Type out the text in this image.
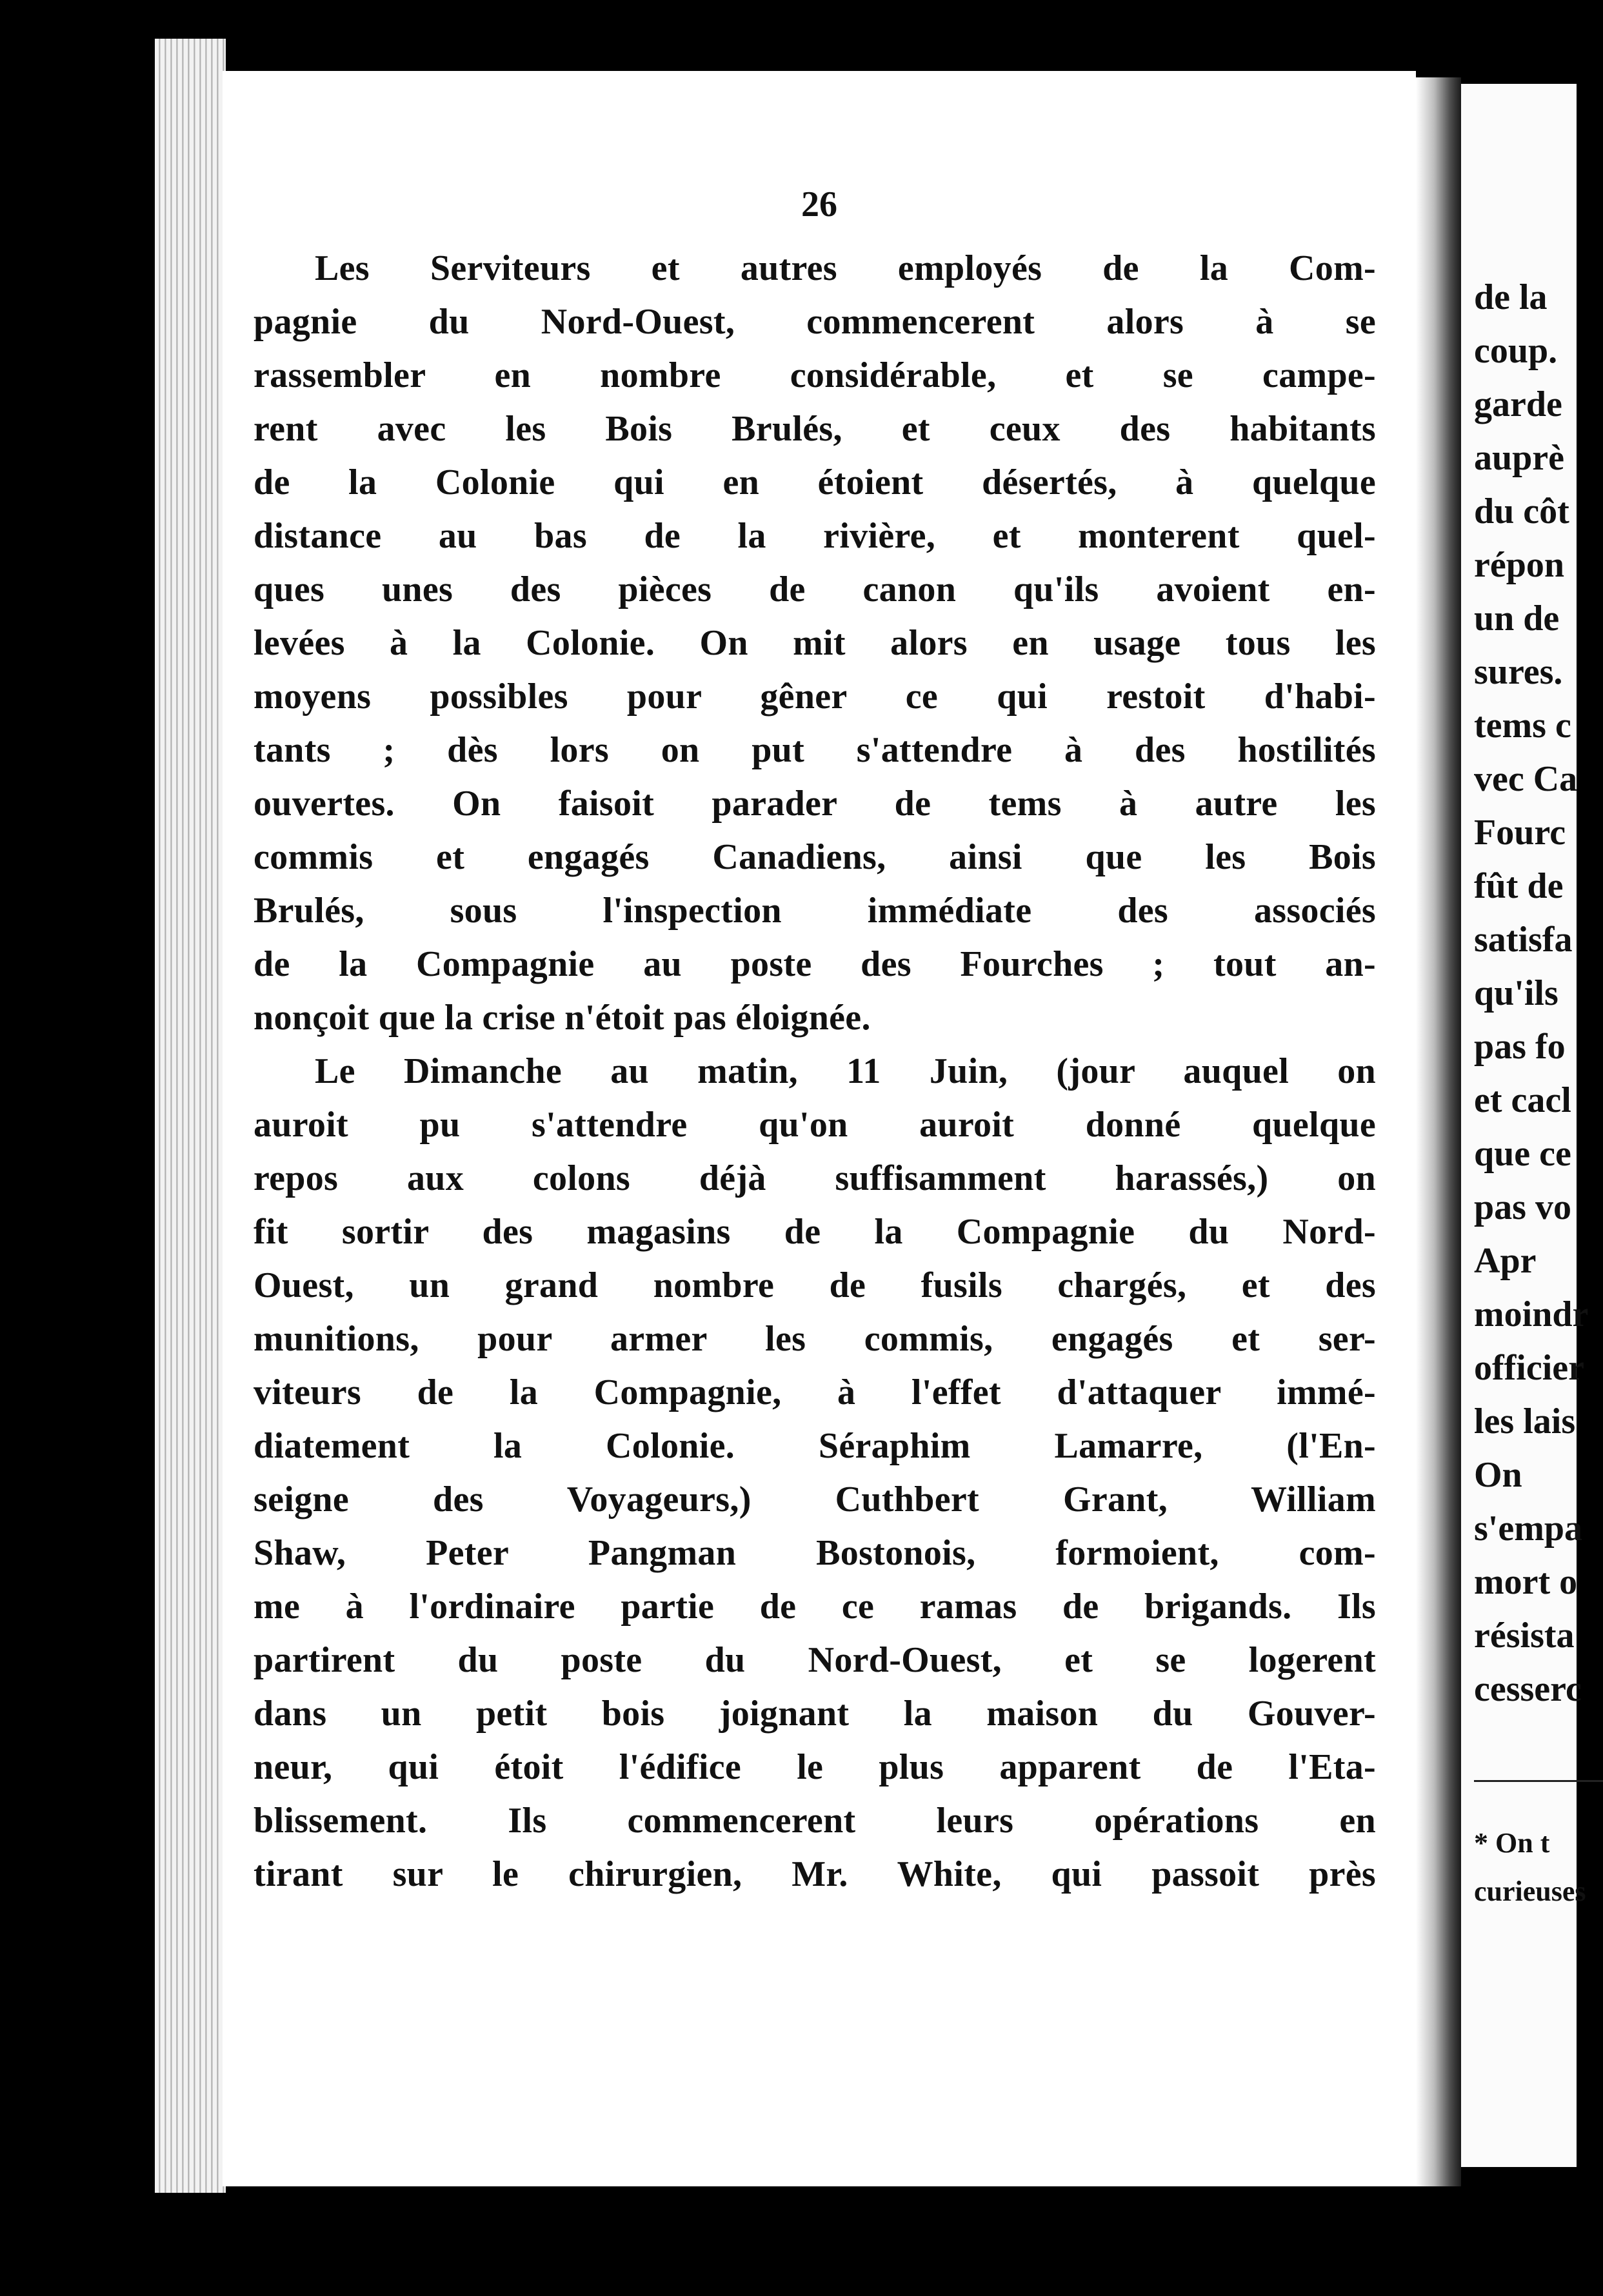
26
Les Serviteurs et autres employés de la Com-
pagnie du Nord-Ouest, commencerent alors à se
rassembler en nombre considérable, et se campe-
rent avec les Bois Brulés, et ceux des habitants
de la Colonie qui en étoient désertés, à quelque
distance au bas de la rivière, et monterent quel-
ques unes des pièces de canon qu'ils avoient en-
levées à la Colonie. On mit alors en usage tous les
moyens possibles pour gêner ce qui restoit d'habi-
tants ; dès lors on put s'attendre à des hostilités
ouvertes. On faisoit parader de tems à autre les
commis et engagés Canadiens, ainsi que les Bois
Brulés, sous l'inspection immédiate des associés
de la Compagnie au poste des Fourches ; tout an-
nonçoit que la crise n'étoit pas éloignée.
Le Dimanche au matin, 11 Juin, (jour auquel on
auroit pu s'attendre qu'on auroit donné quelque
repos aux colons déjà suffisamment harassés,) on
fit sortir des magasins de la Compagnie du Nord-
Ouest, un grand nombre de fusils chargés, et des
munitions, pour armer les commis, engagés et ser-
viteurs de la Compagnie, à l'effet d'attaquer immé-
diatement la Colonie. Séraphim Lamarre, (l'En-
seigne des Voyageurs,) Cuthbert Grant, William
Shaw, Peter Pangman Bostonois, formoient, com-
me à l'ordinaire partie de ce ramas de brigands. Ils
partirent du poste du Nord-Ouest, et se logerent
dans un petit bois joignant la maison du Gouver-
neur, qui étoit l'édifice le plus apparent de l'Eta-
blissement. Ils commencerent leurs opérations en
tirant sur le chirurgien, Mr. White, qui passoit près
de la
coup.
garde
auprè
du côt
répon
un de
sures.
tems c
vec Ca
Fourc
fût de
satisfa
qu'ils
pas fo
et cacl
que ce
pas vo
Apr
moindr
officier
les lais
On
s'empa
mort o
résista
cesserc
* On t
curieuses
